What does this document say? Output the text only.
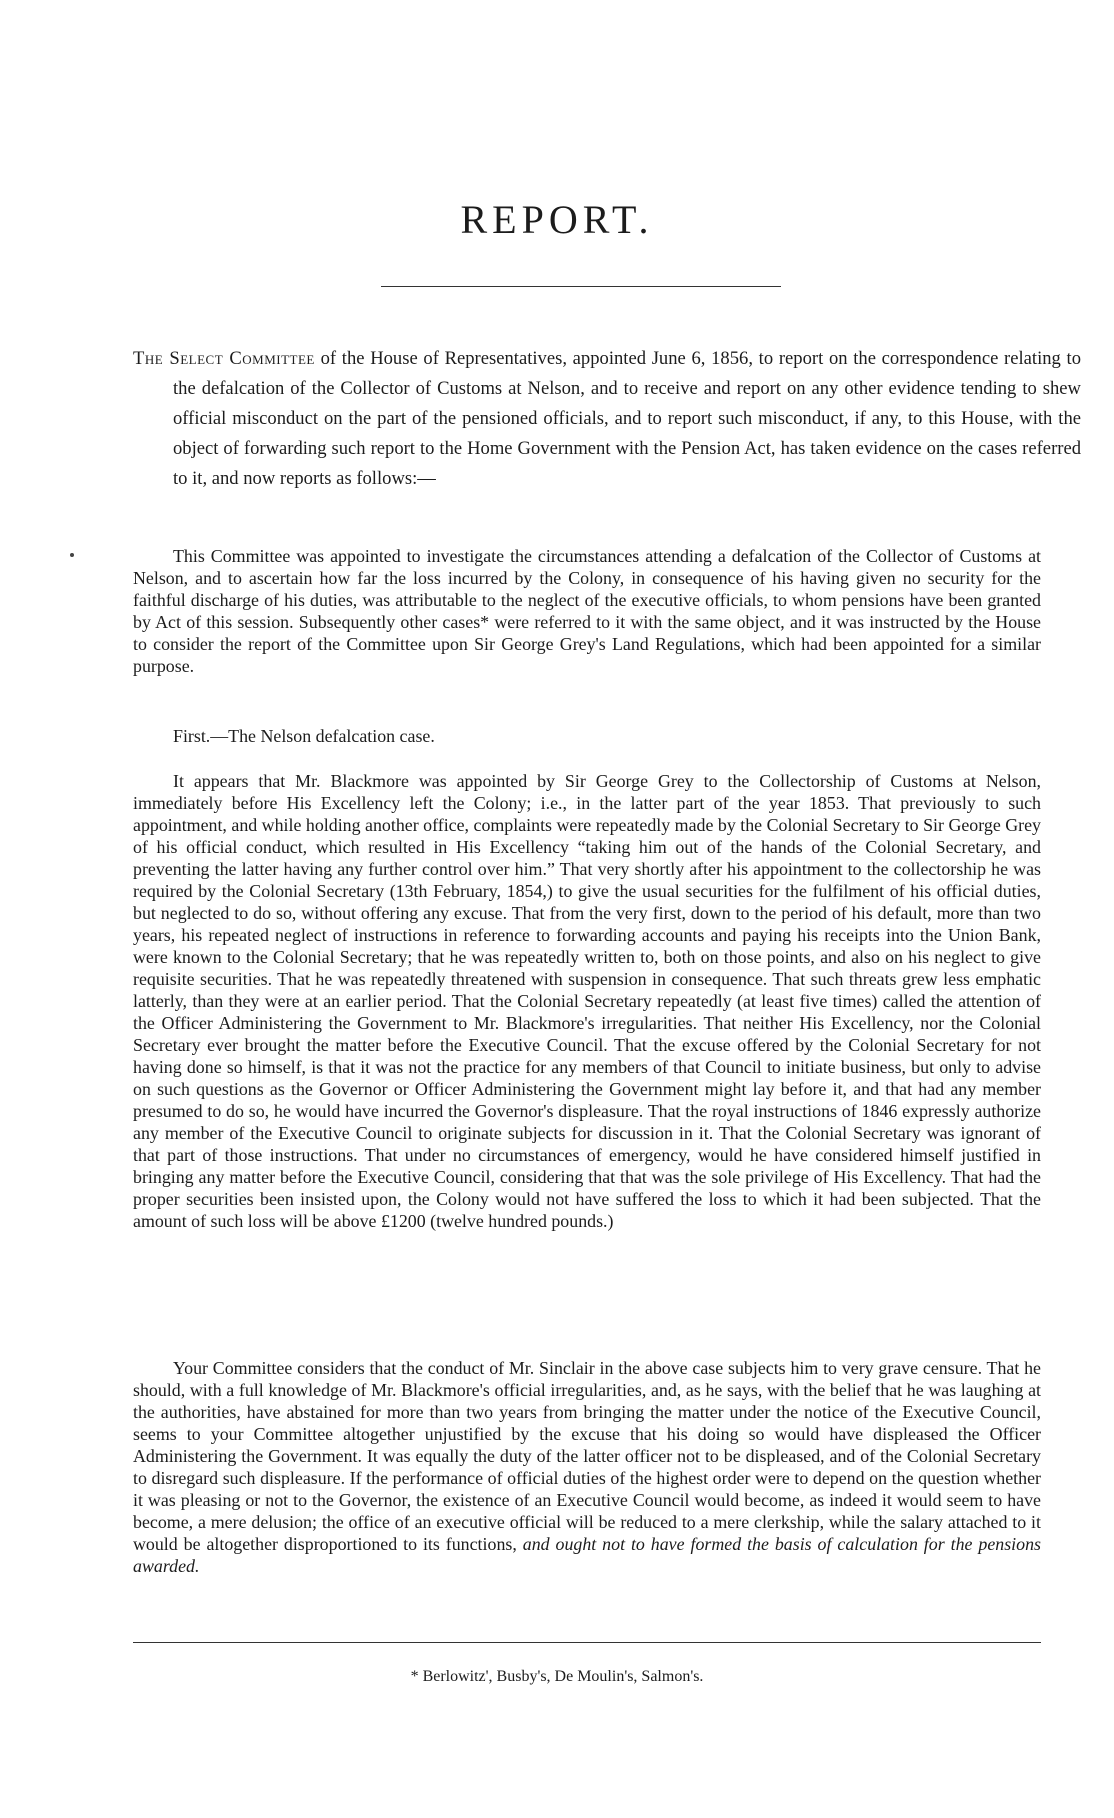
REPORT.

The Select Committee of the House of Representatives, appointed June 6, 1856, to report on the correspondence relating to the defalcation of the Collector of Customs at Nelson, and to receive and report on any other evidence tending to shew official misconduct on the part of the pensioned officials, and to report such misconduct, if any, to this House, with the object of forwarding such report to the Home Government with the Pension Act, has taken evidence on the cases referred to it, and now reports as follows:—

This Committee was appointed to investigate the circumstances attending a defalcation of the Collector of Customs at Nelson, and to ascertain how far the loss incurred by the Colony, in consequence of his having given no security for the faithful discharge of his duties, was attributable to the neglect of the executive officials, to whom pensions have been granted by Act of this session. Subsequently other cases* were referred to it with the same object, and it was instructed by the House to consider the report of the Committee upon Sir George Grey's Land Regulations, which had been appointed for a similar purpose.

First.—The Nelson defalcation case.

It appears that Mr. Blackmore was appointed by Sir George Grey to the Collectorship of Customs at Nelson, immediately before His Excellency left the Colony; i.e., in the latter part of the year 1853. That previously to such appointment, and while holding another office, complaints were repeatedly made by the Colonial Secretary to Sir George Grey of his official conduct, which resulted in His Excellency “taking him out of the hands of the Colonial Secretary, and preventing the latter having any further control over him.” That very shortly after his appointment to the collectorship he was required by the Colonial Secretary (13th February, 1854,) to give the usual securities for the fulfilment of his official duties, but neglected to do so, without offering any excuse. That from the very first, down to the period of his default, more than two years, his repeated neglect of instructions in reference to forwarding accounts and paying his receipts into the Union Bank, were known to the Colonial Secretary; that he was repeatedly written to, both on those points, and also on his neglect to give requisite securities. That he was repeatedly threatened with suspension in consequence. That such threats grew less emphatic latterly, than they were at an earlier period. That the Colonial Secretary repeatedly (at least five times) called the attention of the Officer Administering the Government to Mr. Blackmore's irregularities. That neither His Excellency, nor the Colonial Secretary ever brought the matter before the Executive Council. That the excuse offered by the Colonial Secretary for not having done so himself, is that it was not the practice for any members of that Council to initiate business, but only to advise on such questions as the Governor or Officer Administering the Government might lay before it, and that had any member presumed to do so, he would have incurred the Governor's displeasure. That the royal instructions of 1846 expressly authorize any member of the Executive Council to originate subjects for discussion in it. That the Colonial Secretary was ignorant of that part of those instructions. That under no circumstances of emergency, would he have considered himself justified in bringing any matter before the Executive Council, considering that that was the sole privilege of His Excellency. That had the proper securities been insisted upon, the Colony would not have suffered the loss to which it had been subjected. That the amount of such loss will be above £1200 (twelve hundred pounds.)

Your Committee considers that the conduct of Mr. Sinclair in the above case subjects him to very grave censure. That he should, with a full knowledge of Mr. Blackmore's official irregularities, and, as he says, with the belief that he was laughing at the authorities, have abstained for more than two years from bringing the matter under the notice of the Executive Council, seems to your Committee altogether unjustified by the excuse that his doing so would have displeased the Officer Administering the Government. It was equally the duty of the latter officer not to be displeased, and of the Colonial Secretary to disregard such displeasure. If the performance of official duties of the highest order were to depend on the question whether it was pleasing or not to the Governor, the existence of an Executive Council would become, as indeed it would seem to have become, a mere delusion; the office of an executive official will be reduced to a mere clerkship, while the salary attached to it would be altogether disproportioned to its functions, and ought not to have formed the basis of calculation for the pensions awarded.

* Berlowitz', Busby's, De Moulin's, Salmon's.
